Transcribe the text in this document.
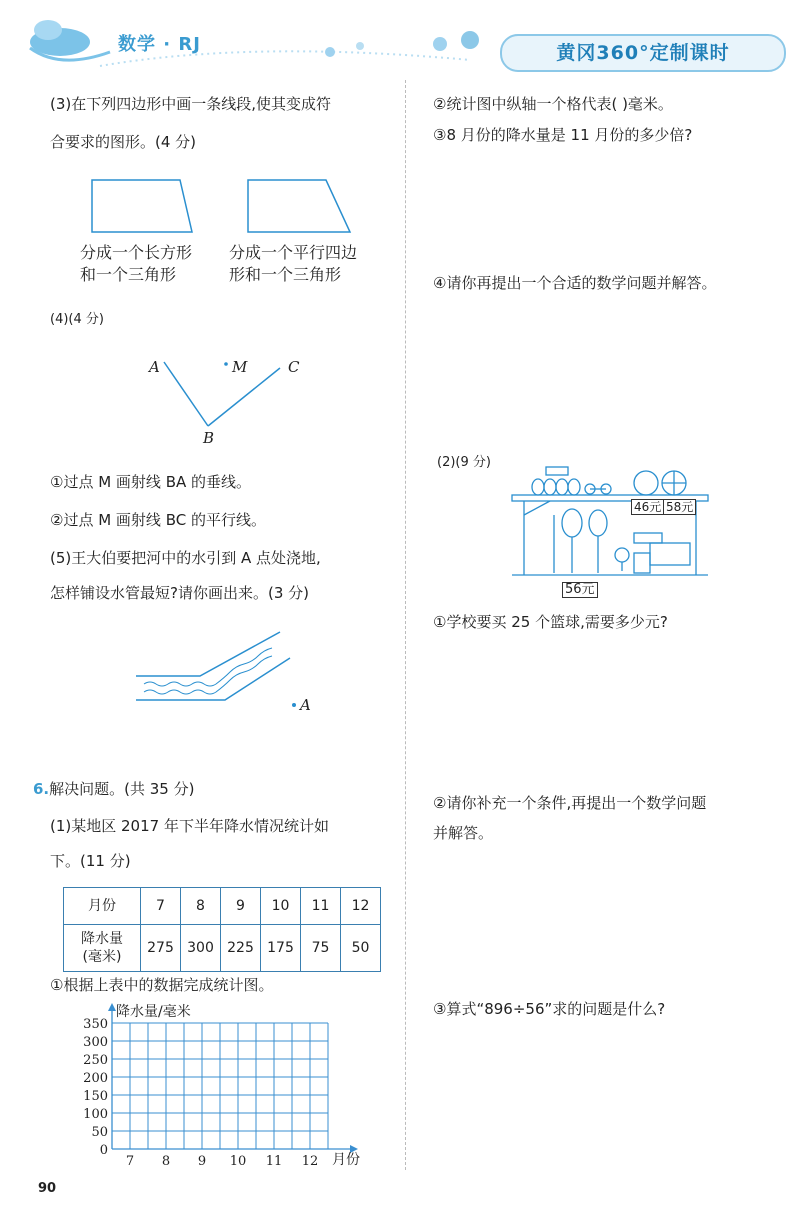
数学 · RJ	黄冈360°定制课时
(3)在下列四边形中画一条线段,使其变成符
合要求的图形。(4 分)
分成一个长方形
和一个三角形
分成一个平行四边
形和一个三角形
(4)(4 分)
A	M	C
B
①过点 M 画射线 BA 的垂线。
②过点 M 画射线 BC 的平行线。
(5)王大伯要把河中的水引到 A 点处浇地,
怎样铺设水管最短?请你画出来。(3 分)
A
6.解决问题。(共 35 分)
(1)某地区 2017 年下半年降水情况统计如
下。(11 分)
月份	7	8	9	10	11	12

降水量
(毫米)	275	300	225	175	75	50
①根据上表中的数据完成统计图。
降水量/毫米
350
300
250
200
150
100
50
0
7 8 9 10 11 12 月份
90
②统计图中纵轴一个格代表( )毫米。
③8 月份的降水量是 11 月份的多少倍?
④请你再提出一个合适的数学问题并解答。
(2)(9 分)
46元 58元
56元
①学校要买 25 个篮球,需要多少元?
②请你补充一个条件,再提出一个数学问题
并解答。
③算式“896÷56”求的问题是什么?
